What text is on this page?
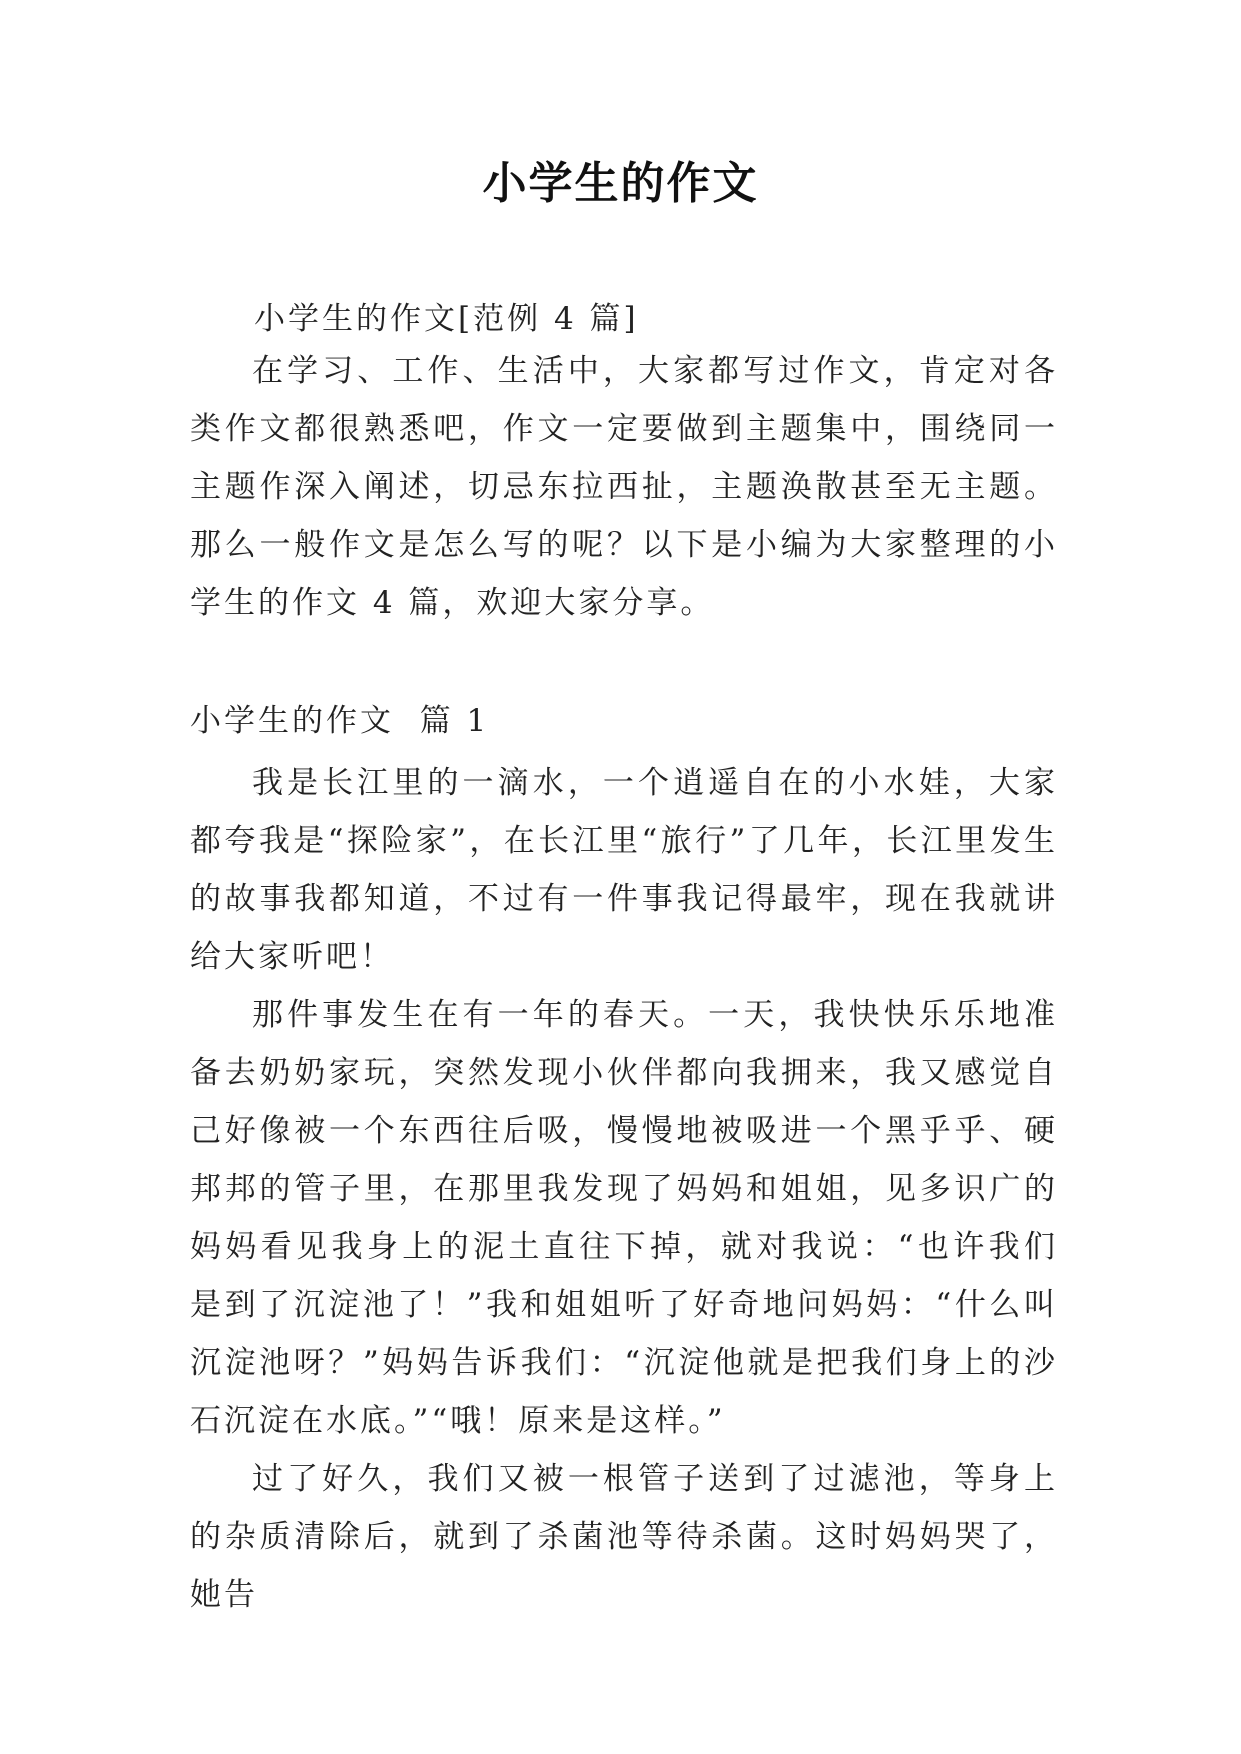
小学生的作文

小学生的作文[范例 4 篇]

在学习、工作、生活中，大家都写过作文，肯定对各类作文都很熟悉吧，作文一定要做到主题集中，围绕同一主题作深入阐述，切忌东拉西扯，主题涣散甚至无主题。那么一般作文是怎么写的呢？以下是小编为大家整理的小学生的作文 4 篇，欢迎大家分享。

小学生的作文  篇 1

我是长江里的一滴水，一个逍遥自在的小水娃，大家都夸我是“探险家”，在长江里“旅行”了几年，长江里发生的故事我都知道，不过有一件事我记得最牢，现在我就讲给大家听吧！

那件事发生在有一年的春天。一天，我快快乐乐地准备去奶奶家玩，突然发现小伙伴都向我拥来，我又感觉自己好像被一个东西往后吸，慢慢地被吸进一个黑乎乎、硬邦邦的管子里，在那里我发现了妈妈和姐姐，见多识广的妈妈看见我身上的泥土直往下掉，就对我说：“也许我们是到了沉淀池了！”我和姐姐听了好奇地问妈妈：“什么叫沉淀池呀？”妈妈告诉我们：“沉淀他就是把我们身上的沙石沉淀在水底。”“哦！原来是这样。”

过了好久，我们又被一根管子送到了过滤池，等身上的杂质清除后，就到了杀菌池等待杀菌。这时妈妈哭了，她告
